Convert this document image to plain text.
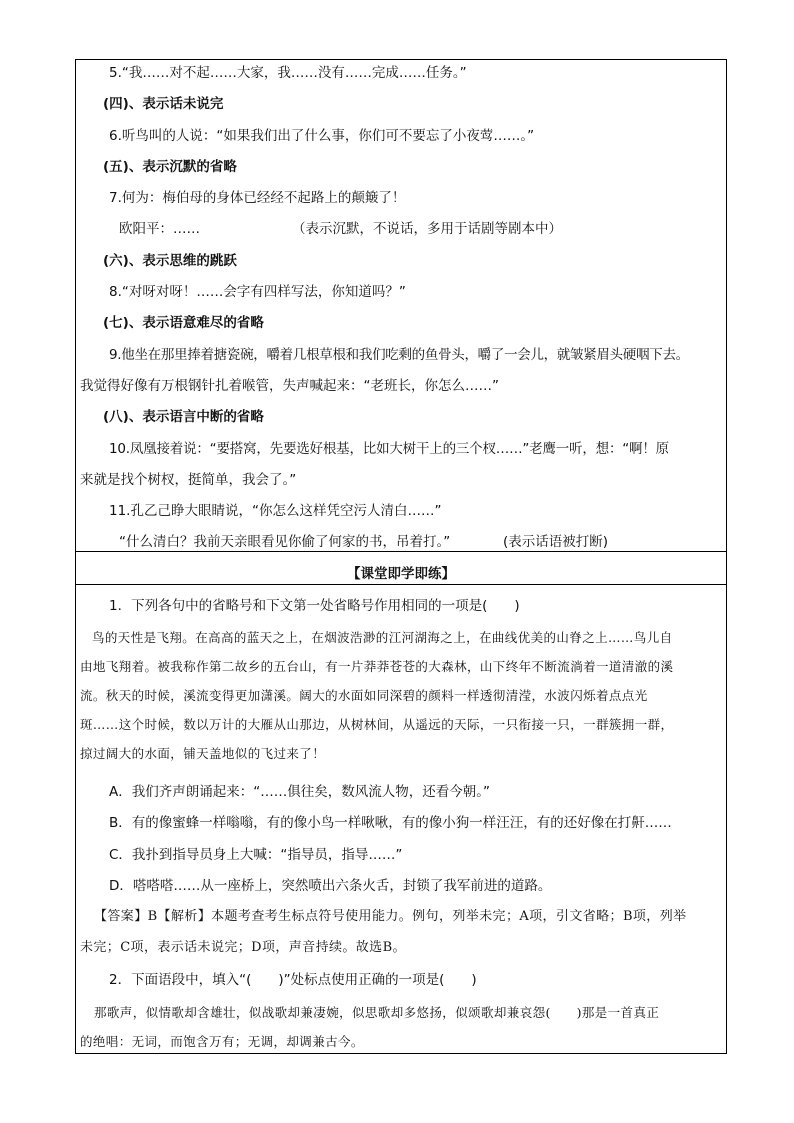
5.“我……对不起……大家，我……没有……完成……任务。”
(四)、表示话未说完
6.听鸟叫的人说：“如果我们出了什么事，你们可不要忘了小夜莺……。”
(五)、表示沉默的省略
7.何为：梅伯母的身体已经经不起路上的颠簸了！
欧阳平：……	（表示沉默，不说话，多用于话剧等剧本中）
(六)、表示思维的跳跃
8.“对呀对呀！……会字有四样写法，你知道吗？”
(七)、表示语意难尽的省略
9.他坐在那里捧着搪瓷碗，嚼着几根草根和我们吃剩的鱼骨头，嚼了一会儿，就皱紧眉头硬咽下去。
我觉得好像有万根钢针扎着喉管，失声喊起来：“老班长，你怎么……”
(八)、表示语言中断的省略
10.凤凰接着说：“要搭窝，先要选好根基，比如大树干上的三个杈……”老鹰一听，想：“啊！原
来就是找个树杈，挺简单，我会了。”
11.孔乙己睁大眼睛说，“你怎么这样凭空污人清白……”
“什么清白？我前天亲眼看见你偷了何家的书，吊着打。”	(表示话语被打断)
【课堂即学即练】
1．下列各句中的省略号和下文第一处省略号作用相同的一项是(　　)
鸟的天性是飞翔。在高高的蓝天之上，在烟波浩渺的江河湖海之上，在曲线优美的山脊之上……鸟儿自
由地飞翔着。被我称作第二故乡的五台山，有一片莽莽苍苍的大森林，山下终年不断流淌着一道清澈的溪
流。秋天的时候，溪流变得更加潇溪。阔大的水面如同深碧的颜料一样透彻清滢，水波闪烁着点点光
斑……这个时候，数以万计的大雁从山那边，从树林间，从遥远的天际，一只衔接一只，一群簇拥一群，
掠过阔大的水面，铺天盖地似的飞过来了！
A．我们齐声朗诵起来：“……俱往矣，数风流人物，还看今朝。”
B．有的像蜜蜂一样嗡嗡，有的像小鸟一样啾啾，有的像小狗一样汪汪，有的还好像在打鼾……
C．我扑到指导员身上大喊：“指导员，指导……”
D．嗒嗒嗒……从一座桥上，突然喷出六条火舌，封锁了我军前进的道路。
【答案】B【解析】本题考查考生标点符号使用能力。例句，列举未完；A项，引文省略；B项，列举
未完；C项，表示话未说完；D项，声音持续。故选B。
2．下面语段中，填入“(　　)”处标点使用正确的一项是(　　)
那歌声，似情歌却含雄壮，似战歌却兼凄婉，似思歌却多悠扬，似颂歌却兼哀怨(　　)那是一首真正
的绝唱：无词，而饱含万有；无调，却调兼古今。
